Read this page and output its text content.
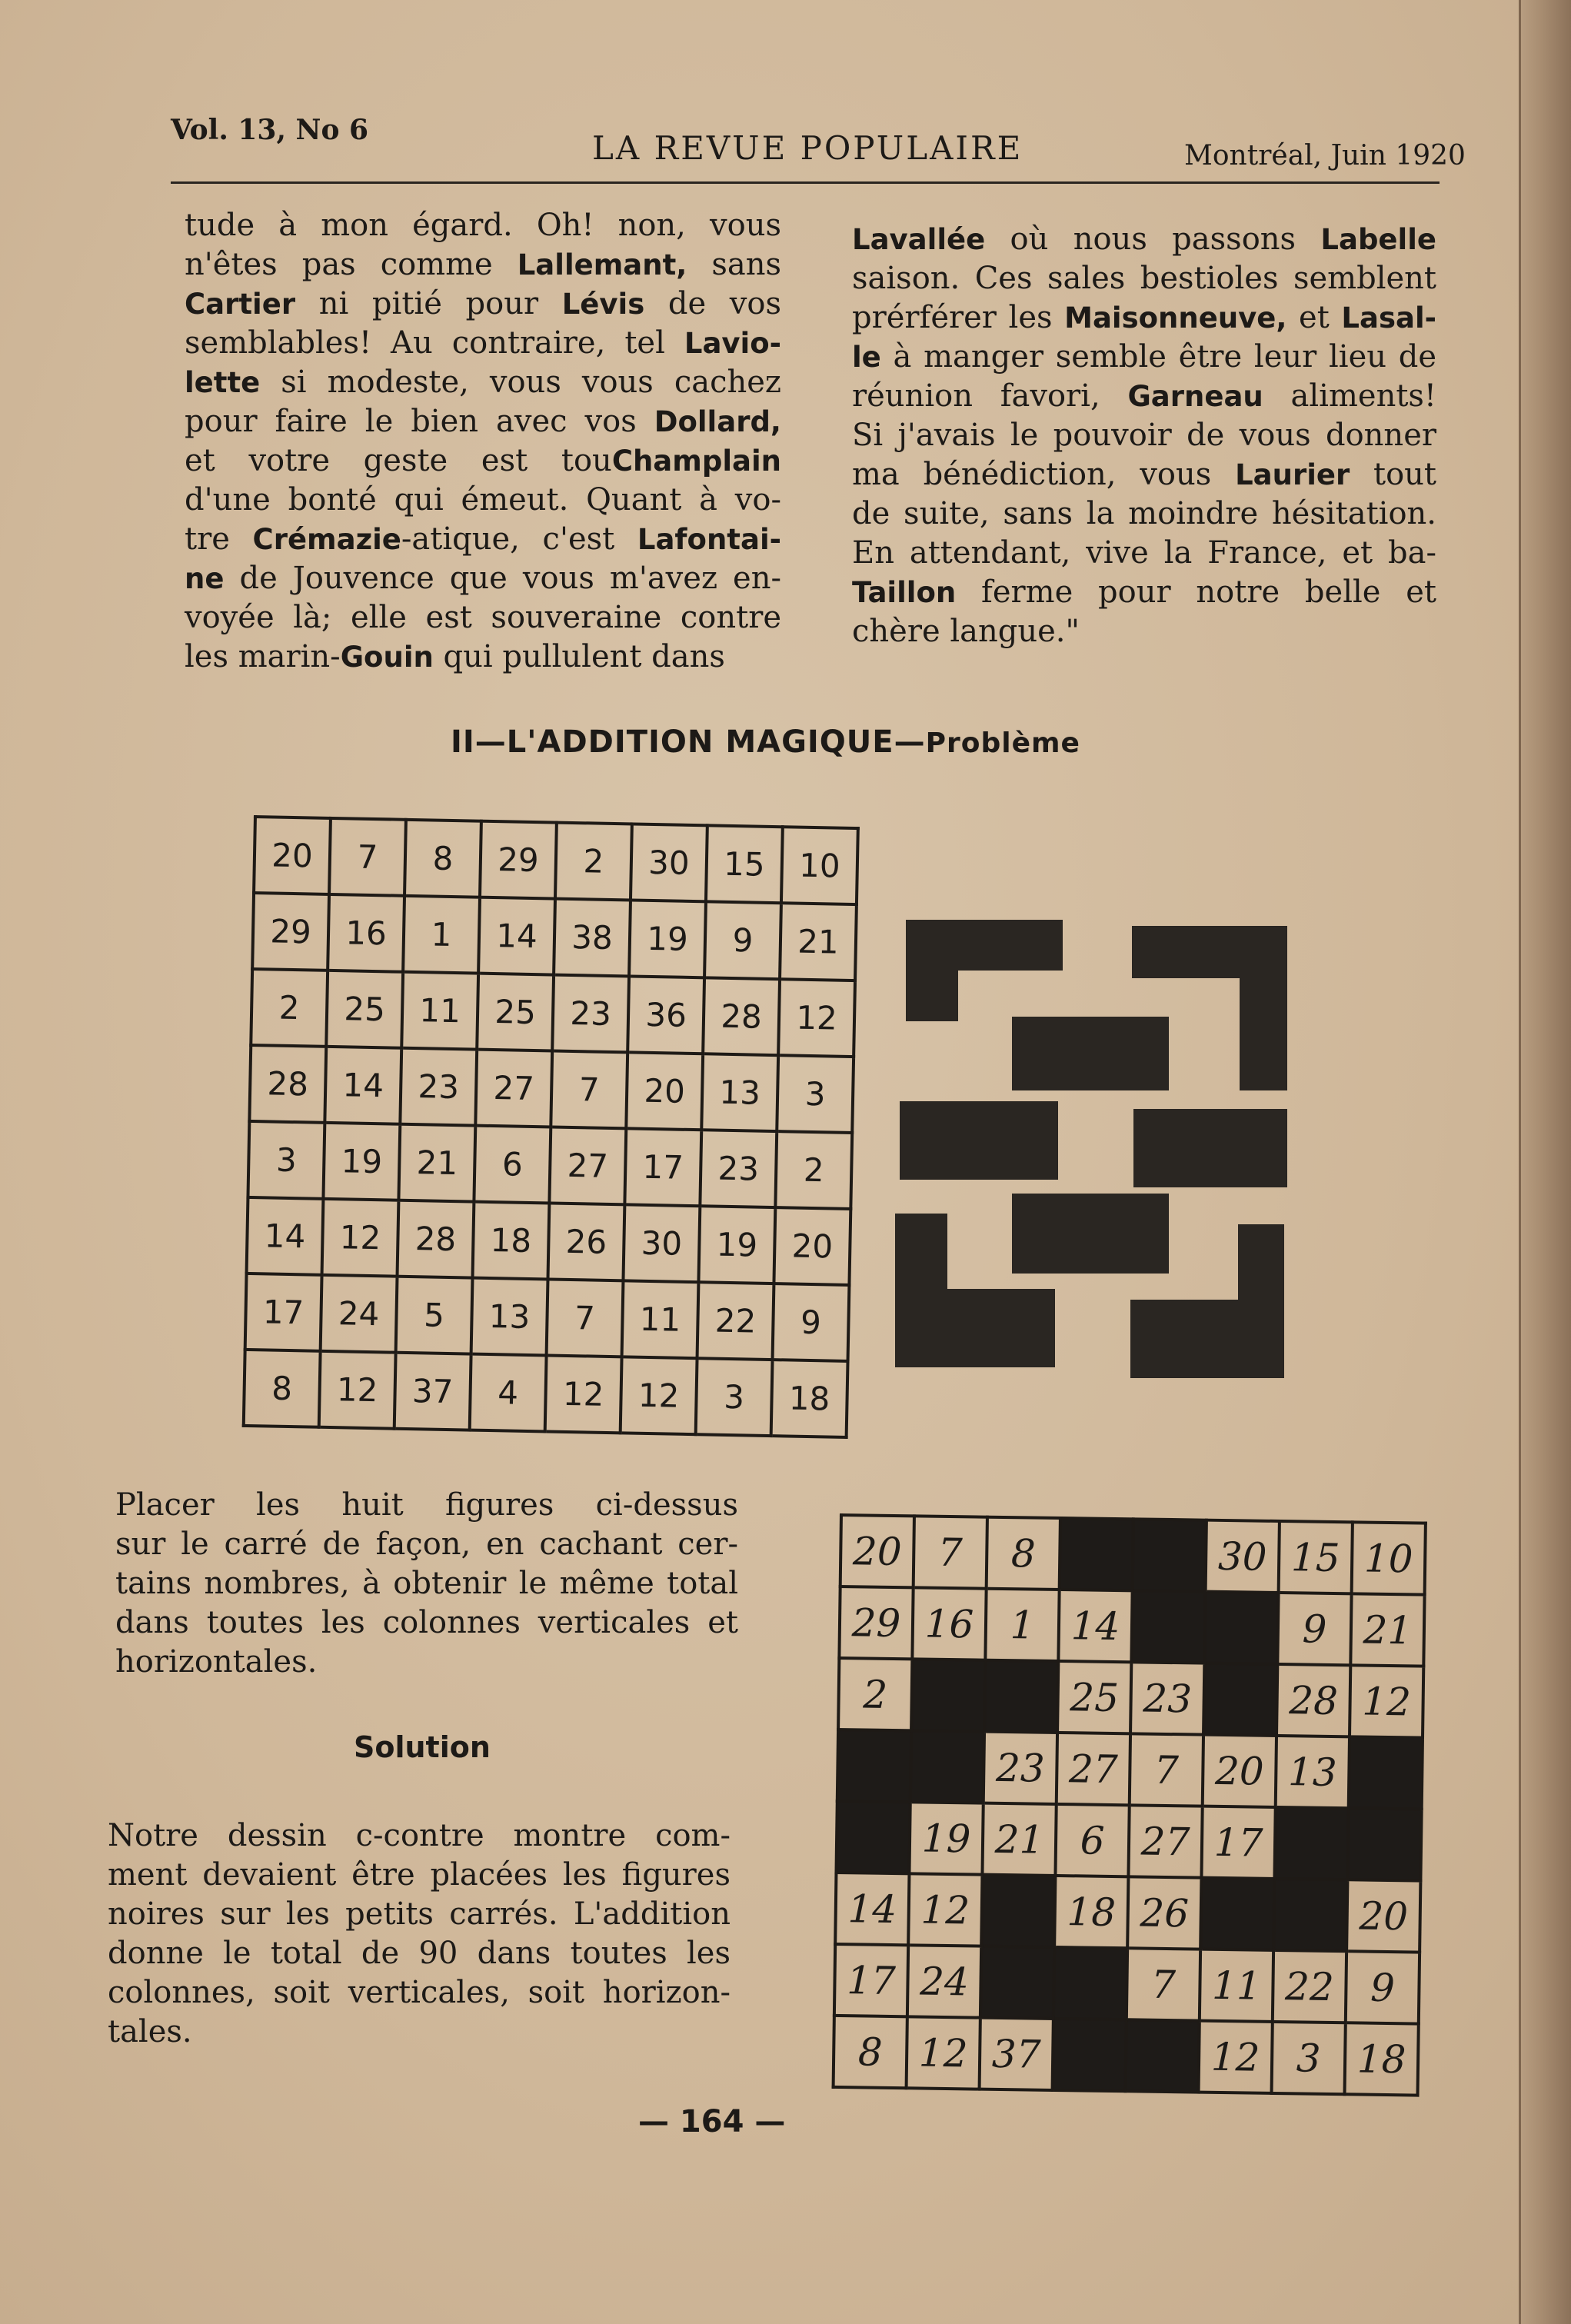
Vol. 13, No 6	LA REVUE POPULAIRE	Montréal, Juin 1920

tude à mon égard. Oh! non, vous

n'êtes pas comme Lallemant, sans

Cartier ni pitié pour Lévis de vos

semblables! Au contraire, tel Lavio-

lette si modeste, vous vous cachez

pour faire le bien avec vos Dollard,

et votre geste est touChamplain

d'une bonté qui émeut. Quant à vo-

tre Crémazie-atique, c'est Lafontai-

ne de Jouvence que vous m'avez en-

voyée là; elle est souveraine contre

les marin-Gouin qui pullulent dans

Lavallée où nous passons Labelle

saison. Ces sales bestioles semblent

prérférer les Maisonneuve, et Lasal-

le à manger semble être leur lieu de

réunion favori, Garneau aliments!

Si j'avais le pouvoir de vous donner

ma bénédiction, vous Laurier tout

de suite, sans la moindre hésitation.

En attendant, vive la France, et ba-

Taillon ferme pour notre belle et

chère langue."

II—L'ADDITION MAGIQUE—Problème
20	7	8	29	2	30	15	10
29	16	1	14	38	19	9	21
2	25	11	25	23	36	28	12
28	14	23	27	7	20	13	3
3	19	21	6	27	17	23	2
14	12	28	18	26	30	19	20
17	24	5	13	7	11	22	9
8	12	37	4	12	12	3	18

Placer les huit figures ci-dessus

sur le carré de façon, en cachant cer-

tains nombres, à obtenir le même total

dans toutes les colonnes verticales et

horizontales.

Solution

Notre dessin c-contre montre com-

ment devaient être placées les figures

noires sur les petits carrés. L'addition

donne le total de 90 dans toutes les

colonnes, soit verticales, soit horizon-

tales.

20	7	8			30	15	10
29	16	1	14			9	21
2			25	23		28	12
		23	27	7	20	13	
	19	21	6	27	17		
14	12		18	26			20
17	24			7	11	22	9
8	12	37			12	3	18
— 164 —
